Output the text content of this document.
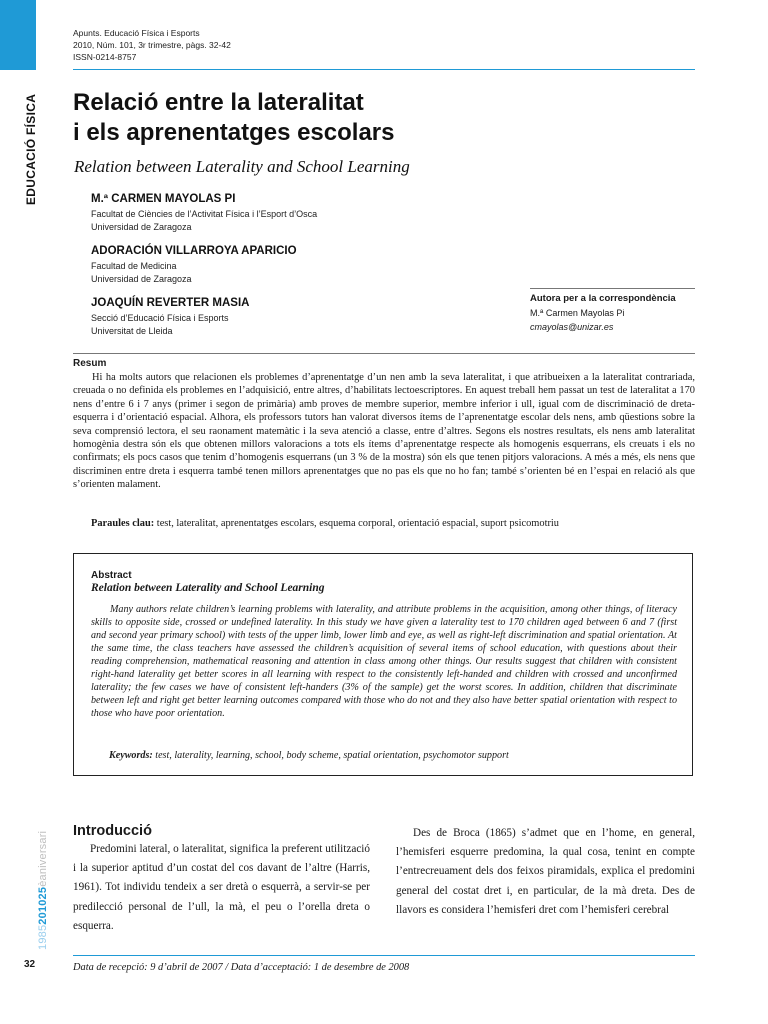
EDUCACIÓ FÍSICA
1985201025èaniversari
Apunts. Educació Física i Esports
2010, Núm. 101, 3r trimestre, pàgs. 32-42
ISSN-0214-8757
Relació entre la lateralitat
i els aprenentatges escolars
Relation between Laterality and School Learning
M.ª CARMEN MAYOLAS PI
Facultat de Ciències de l’Activitat Física i l’Esport d’Osca
Universidad de Zaragoza
ADORACIÓN VILLARROYA APARICIO
Facultad de Medicina
Universidad de Zaragoza
JOAQUÍN REVERTER MASIA
Secció d’Educació Física i Esports
Universitat de Lleida
Autora per a la correspondència
M.ª Carmen Mayolas Pi
cmayolas@unizar.es
Resum
Hi ha molts autors que relacionen els problemes d’aprenentatge d’un nen amb la seva lateralitat, i que atribueixen a la lateralitat contrariada, creuada o no definida els problemes en l’adquisició, entre altres, d’habilitats lectoescriptores. En aquest treball hem passat un test de lateralitat a 170 nens d’entre 6 i 7 anys (primer i segon de primària) amb proves de membre superior, membre inferior i ull, igual com de discriminació de dreta-esquerra i d’orientació espacial. Alhora, els professors tutors han valorat diversos ítems de l’aprenentatge escolar dels nens, amb qüestions sobre la seva comprensió lectora, el seu raonament matemàtic i la seva atenció a classe, entre d’altres. Segons els nostres resultats, els nens amb lateralitat homogènia destra són els que obtenen millors valoracions a tots els ítems d’aprenentatge respecte als homogenis esquerrans, els creuats i els no confirmats; els pocs casos que tenim d’homogenis esquerrans (un 3 % de la mostra) són els que tenen pitjors valoracions. A més a més, els nens que discriminen entre dreta i esquerra també tenen millors aprenentatges que no pas els que no ho fan; també s’orienten bé en l’espai en relació als que s’orienten malament.
Paraules clau: test, lateralitat, aprenentatges escolars, esquema corporal, orientació espacial, suport psicomotriu
Abstract
Relation between Laterality and School Learning
Many authors relate children’s learning problems with laterality, and attribute problems in the acquisition, among other things, of literacy skills to opposite side, crossed or undefined laterality. In this study we have given a laterality test to 170 children aged between 6 and 7 (first and second year primary school) with tests of the upper limb, lower limb and eye, as well as right-left discrimination and spatial orientation. At the same time, the class teachers have assessed the children’s acquisition of several items of school education, with questions about their reading comprehension, mathematical reasoning and attention in class among other things. Our results suggest that children with consistent right-hand laterality get better scores in all learning with respect to the consistently left-handed and children with crossed and unconfirmed laterality; the few cases we have of consistent left-handers (3% of the sample) get the worst scores. In addition, children that discriminate between left and right get better learning outcomes compared with those who do not and they also have better spatial orientation with respect to those who have poor orientation.
Keywords: test, laterality, learning, school, body scheme, spatial orientation, psychomotor support
Introducció
Predomini lateral, o lateralitat, significa la preferent utilització i la superior aptitud d’un costat del cos davant de l’altre (Harris, 1961). Tot individu tendeix a ser dretà o esquerrà, a servir-se per predilecció personal de l’ull, la mà, el peu o l’orella dreta o esquerra.
Des de Broca (1865) s’admet que en l’home, en general, l’hemisferi esquerre predomina, la qual cosa, tenint en compte l’entrecreuament dels dos feixos piramidals, explica el predomini general del costat dret i, en particular, de la mà dreta. Des de llavors es considera l’hemisferi dret com l’hemisferi cerebral
32	Data de recepció: 9 d’abril de 2007 / Data d’acceptació: 1 de desembre de 2008
